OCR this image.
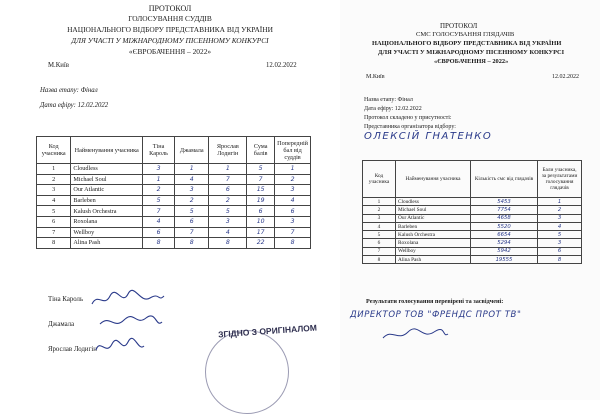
ПРОТОКОЛ
ГОЛОСУВАННЯ СУДДІВ
НАЦІОНАЛЬНОГО ВІДБОРУ ПРЕДСТАВНИКА ВІД УКРАЇНИ
ДЛЯ УЧАСТІ У МІЖНАРОДНОМУ ПІСЕННОМУ КОНКУРСІ
«ЄВРОБАЧЕННЯ – 2022»
М.Київ	12.02.2022
Назва етапу: Фінал
Дата ефіру: 12.02.2022
Код учасника	Найменування учасника	Тіна Кароль	Джамала	Ярослав Лодигін	Сума балів	Попередній бал від суддів
1	Cloudless	3	1	1	5	1
2	Michael Soul	1	4	7	7	2
3	Our Atlantic	2	3	6	15	3
4	Barleben	5	2	2	19	4
5	Kalush Orchestra	7	5	5	6	6
6	Roxolana	4	6	3	10	3
7	Wellboy	6	7	4	17	7
8	Alina Pash	8	8	8	22	8
Тіна Кароль
Джамала
Ярослав Лодигін
ЗГІДНО З ОРИГІНАЛОМ
ПРОТОКОЛ
СМС ГОЛОСУВАННЯ ГЛЯДАЧІВ
НАЦІОНАЛЬНОГО ВІДБОРУ ПРЕДСТАВНИКА ВІД УКРАЇНИ
ДЛЯ УЧАСТІ У МІЖНАРОДНОМУ ПІСЕННОМУ КОНКУРСІ
«ЄВРОБАЧЕННЯ – 2022»
М.Київ	12.02.2022
Назва етапу: Фінал
Дата ефіру: 12.02.2022
Протокол складено у присутності:
Представника організатора відбору:
ОЛЕКСІЙ ГНАТЕНКО
Результати голосування перевірені та засвідчені:
ДИРЕКТОР ТОВ "ФРЕНДС ПРОТ ТВ"
Код учасника	Найменування учасника	Кількість смс від глядачів	Бали учасника, за результатами голосування глядачів
1	Cloudless	5453	1
2	Michael Soul	7754	2
3	Our Atlantic	4658	3
4	Barleben	5520	4
5	Kalush Orchestra	6654	5
6	Roxolana	5294	3
7	Wellboy	5942	6
8	Alina Pash	19555	8
